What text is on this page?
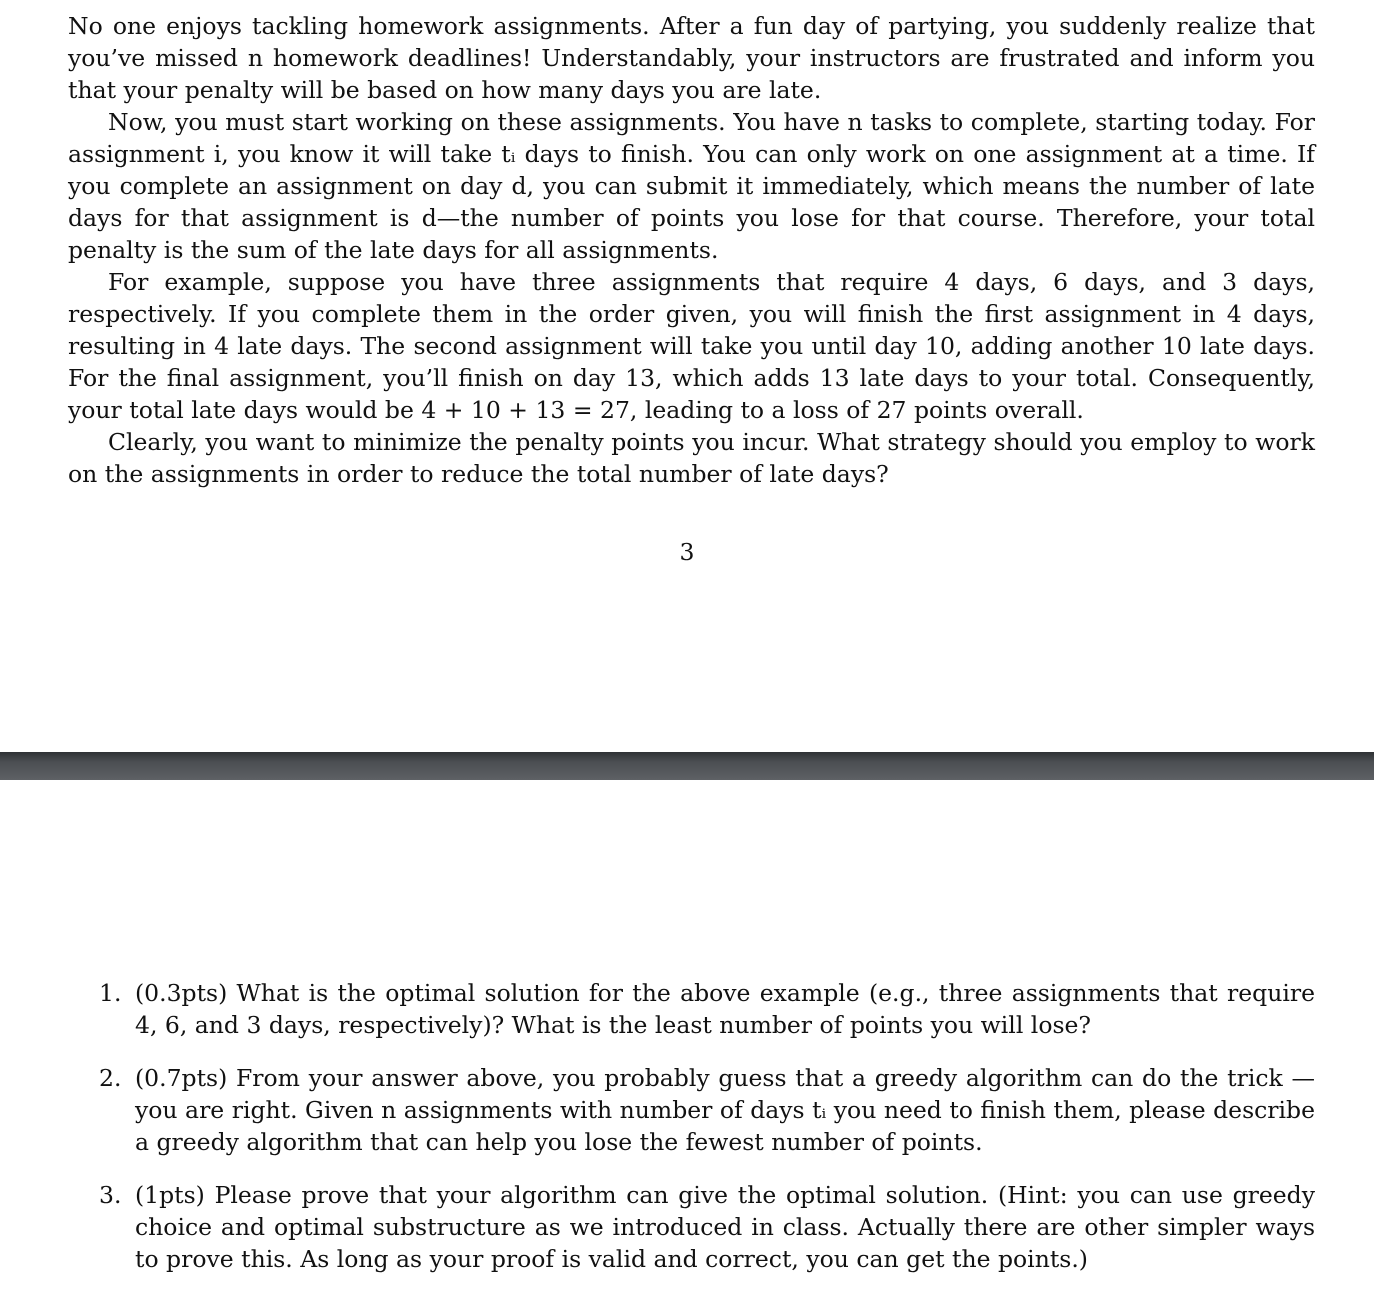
No one enjoys tackling homework assignments. After a fun day of partying, you suddenly realize that you’ve missed n homework deadlines! Understandably, your instructors are frustrated and inform you that your penalty will be based on how many days you are late.

Now, you must start working on these assignments. You have n tasks to complete, starting today. For assignment i, you know it will take tᵢ days to finish. You can only work on one assignment at a time. If you complete an assignment on day d, you can submit it immediately, which means the number of late days for that assignment is d—the number of points you lose for that course. Therefore, your total penalty is the sum of the late days for all assignments.

For example, suppose you have three assignments that require 4 days, 6 days, and 3 days, respectively. If you complete them in the order given, you will finish the first assignment in 4 days, resulting in 4 late days. The second assignment will take you until day 10, adding another 10 late days. For the final assignment, you’ll finish on day 13, which adds 13 late days to your total. Consequently, your total late days would be 4 + 10 + 13 = 27, leading to a loss of 27 points overall.

Clearly, you want to minimize the penalty points you incur. What strategy should you employ to work on the assignments in order to reduce the total number of late days?

3
1. (0.3pts) What is the optimal solution for the above example (e.g., three assignments that require 4, 6, and 3 days, respectively)? What is the least number of points you will lose?
2. (0.7pts) From your answer above, you probably guess that a greedy algorithm can do the trick — you are right. Given n assignments with number of days tᵢ you need to finish them, please describe a greedy algorithm that can help you lose the fewest number of points.
3. (1pts) Please prove that your algorithm can give the optimal solution. (Hint: you can use greedy choice and optimal substructure as we introduced in class. Actually there are other simpler ways to prove this. As long as your proof is valid and correct, you can get the points.)
